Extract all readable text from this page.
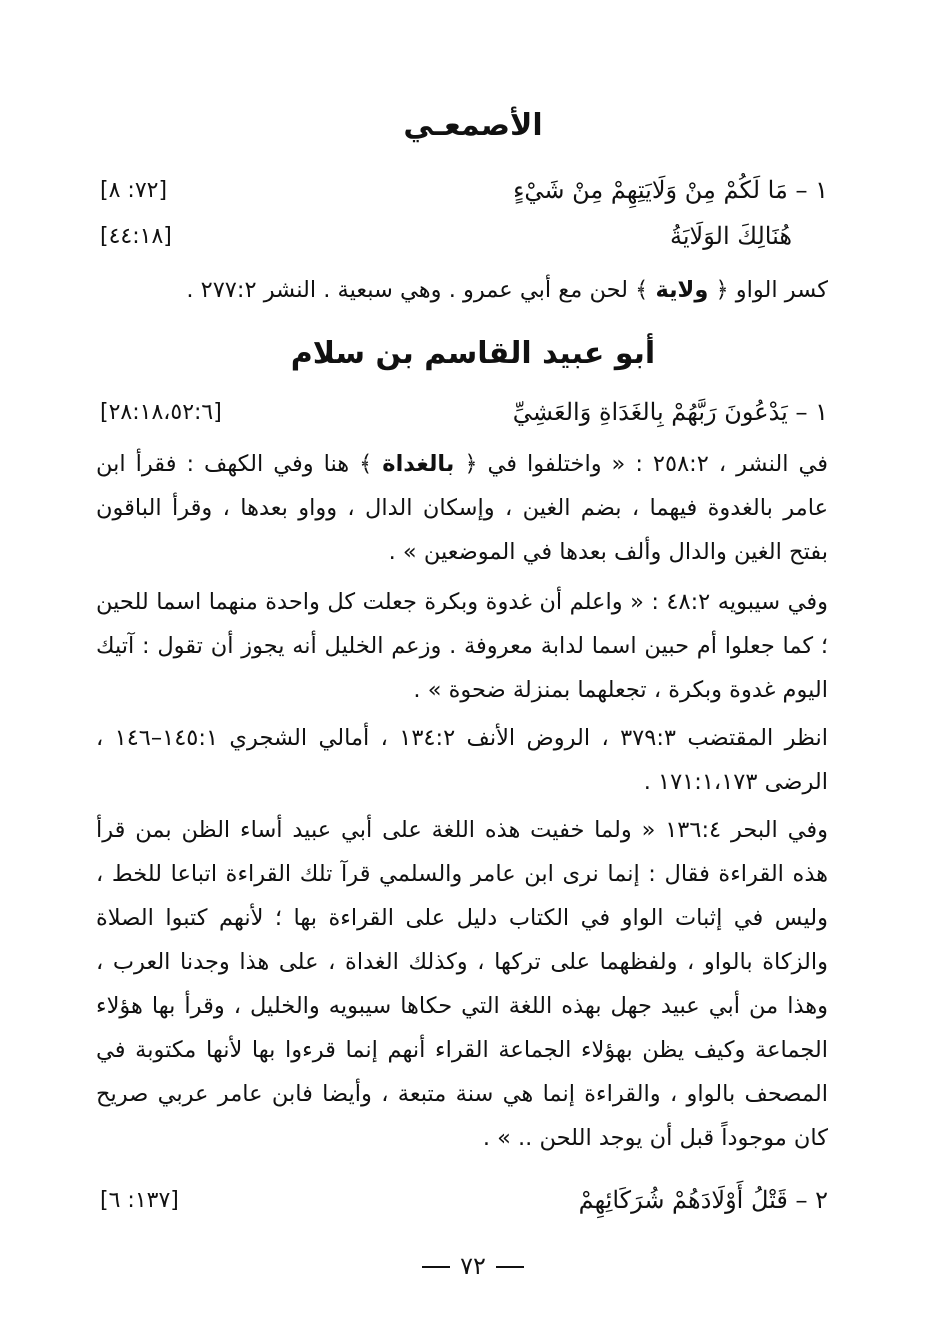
الأصمعـي
١ – مَا لَكُمْ مِنْ وَلَايَتِهِمْ مِنْ شَيْءٍ
[٧٢: ٨]
هُنَالِكَ الوَلَايَةُ
[٤٤:١٨]
كسر الواو ﴿ ولاية ﴾ لحن مع أبي عمرو . وهي سبعية . النشر ٢٧٧:٢ .
أبو عبيد القاسم بن سلام
١ – يَدْعُونَ رَبَّهُمْ بِالغَدَاةِ وَالعَشِيِّ
[٢٨:١٨،٥٢:٦]
في النشر ، ٢٥٨:٢ : « واختلفوا في ﴿ بالغداة ﴾ هنا وفي الكهف : فقرأ ابن عامر بالغدوة فيهما ، بضم الغين ، وإسكان الدال ، وواو بعدها ، وقرأ الباقون بفتح الغين والدال وألف بعدها في الموضعين » .
وفي سيبويه ٤٨:٢ : « واعلم أن غدوة وبكرة جعلت كل واحدة منهما اسما للحين ؛ كما جعلوا أم حبين اسما لدابة معروفة . وزعم الخليل أنه يجوز أن تقول : آتيك اليوم غدوة وبكرة ، تجعلهما بمنزلة ضحوة » .
انظر المقتضب ٣٧٩:٣ ، الروض الأنف ١٣٤:٢ ، أمالي الشجري ١٤٥:١–١٤٦ ، الرضى ١٧١:١،١٧٣ .
وفي البحر ١٣٦:٤ « ولما خفيت هذه اللغة على أبي عبيد أساء الظن بمن قرأ هذه القراءة فقال : إنما نرى ابن عامر والسلمي قرآ تلك القراءة اتباعا للخط ، وليس في إثبات الواو في الكتاب دليل على القراءة بها ؛ لأنهم كتبوا الصلاة والزكاة بالواو ، ولفظهما على تركها ، وكذلك الغداة ، على هذا وجدنا العرب ، وهذا من أبي عبيد جهل بهذه اللغة التي حكاها سيبويه والخليل ، وقرأ بها هؤلاء الجماعة وكيف يظن بهؤلاء الجماعة القراء أنهم إنما قرءوا بها لأنها مكتوبة في المصحف بالواو ، والقراءة إنما هي سنة متبعة ، وأيضا فابن عامر عربي صريح كان موجوداً قبل أن يوجد اللحن .. » .
٢ – قَتْلُ أَوْلَادَهُمْ شُرَكَائِهِمْ
[١٣٧: ٦]
٧٢
